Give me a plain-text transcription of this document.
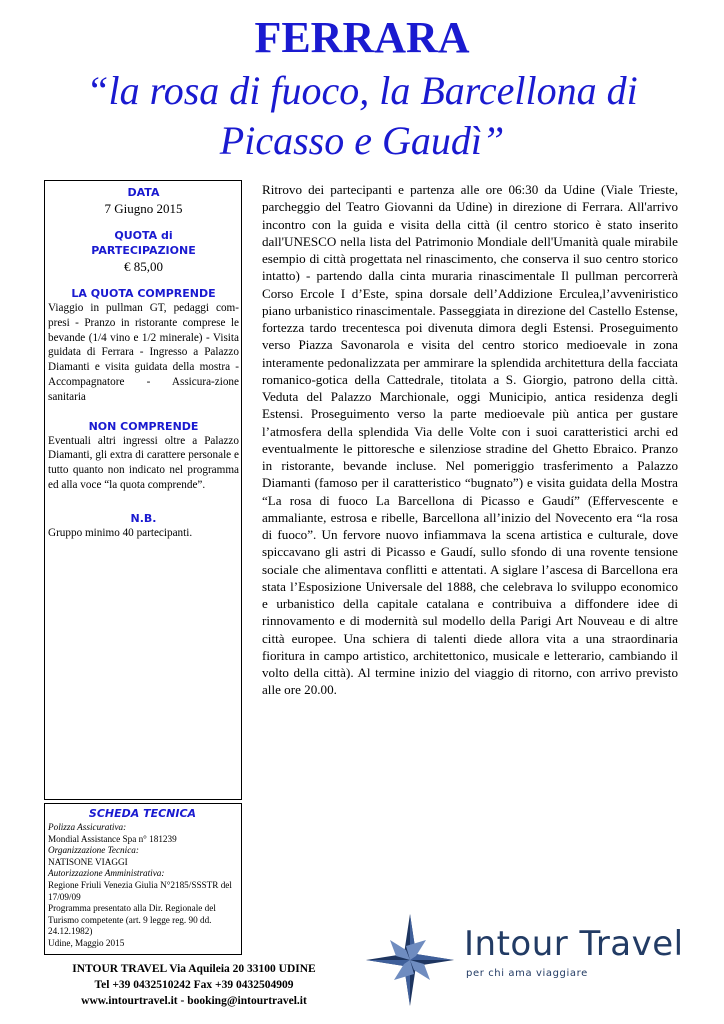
FERRARA
“la rosa di fuoco, la Barcellona di Picasso e Gaudì”

DATA

7 Giugno 2015

QUOTA di PARTECIPAZIONE

€ 85,00

LA QUOTA COMPRENDE

Viaggio in pullman GT, pedaggi com-presi - Pranzo in ristorante comprese le bevande (1/4 vino e 1/2 minerale) - Visita guidata di Ferrara - Ingresso a Palazzo Diamanti e visita guidata della mostra - Accompagnatore - Assicura-zione sanitaria

NON COMPRENDE

Eventuali altri ingressi oltre a Palazzo Diamanti, gli extra di carattere personale e tutto quanto non indicato nel programma ed alla voce “la quota comprende”.

N.B.

Gruppo minimo 40 partecipanti.

SCHEDA TECNICA

Polizza Assicurativa:

Mondial Assistance Spa n° 181239

Organizzazione Tecnica:

NATISONE VIAGGI

Autorizzazione Amministrativa:

Regione Friuli Venezia Giulia N°2185/SSSTR del 17/09/09

Programma presentato alla Dir. Regionale del Turismo competente (art. 9 legge reg. 90 dd. 24.12.1982)

Udine, Maggio 2015

Ritrovo dei partecipanti e partenza alle ore 06:30 da Udine (Viale Trieste, parcheggio del Teatro Giovanni da Udine) in direzione di Ferrara. All'arrivo incontro con la guida e visita della città (il centro storico è stato inserito dall'UNESCO nella lista del Patrimonio Mondiale dell'Umanità quale mirabile esempio di città progettata nel rinascimento, che conserva il suo centro storico intatto) - partendo dalla cinta muraria rinascimentale Il pullman percorrerà Corso Ercole I d’Este, spina dorsale dell’Addizione Erculea,l’avveniristico piano urbanistico rinascimentale. Passeggiata in direzione del Castello Estense, fortezza tardo trecentesca poi divenuta dimora degli Estensi. Proseguimento verso Piazza Savonarola e visita del centro storico medioevale in zona interamente pedonalizzata per ammirare la splendida architettura della facciata romanico-gotica della Cattedrale, titolata a S. Giorgio, patrono della città. Veduta del Palazzo Marchionale, oggi Municipio, antica residenza degli Estensi. Proseguimento verso la parte medioevale più antica per gustare l’atmosfera della splendida Via delle Volte con i suoi caratteristici archi ed eventualmente le pittoresche e silenziose stradine del Ghetto Ebraico. Pranzo in ristorante, bevande incluse. Nel pomeriggio trasferimento a Palazzo Diamanti (famoso per il caratteristico “bugnato”) e visita guidata della Mostra “La rosa di fuoco La Barcellona di Picasso e Gaudí” (Effervescente e ammaliante, estrosa e ribelle, Barcellona all’inizio del Novecento era “la rosa di fuoco”. Un fervore nuovo infiammava la scena artistica e culturale, dove spiccavano gli astri di Picasso e Gaudí, sullo sfondo di una rovente tensione sociale che alimentava conflitti e attentati. A siglare l’ascesa di Barcellona era stata l’Esposizione Universale del 1888, che celebrava lo sviluppo economico e urbanistico della capitale catalana e contribuiva a diffondere idee di rinnovamento e di modernità sul modello della Parigi Art Nouveau e di altre città europee. Una schiera di talenti diede allora vita a una straordinaria fioritura in campo artistico, architettonico, musicale e letterario, cambiando il volto della città). Al termine inizio del viaggio di ritorno, con arrivo previsto alle ore 20.00.
INTOUR TRAVEL Via Aquileia 20 33100 UDINE
Tel +39 0432510242 Fax +39 0432504909
www.intourtravel.it - booking@intourtravel.it
Intour Travel
per chi ama viaggiare
